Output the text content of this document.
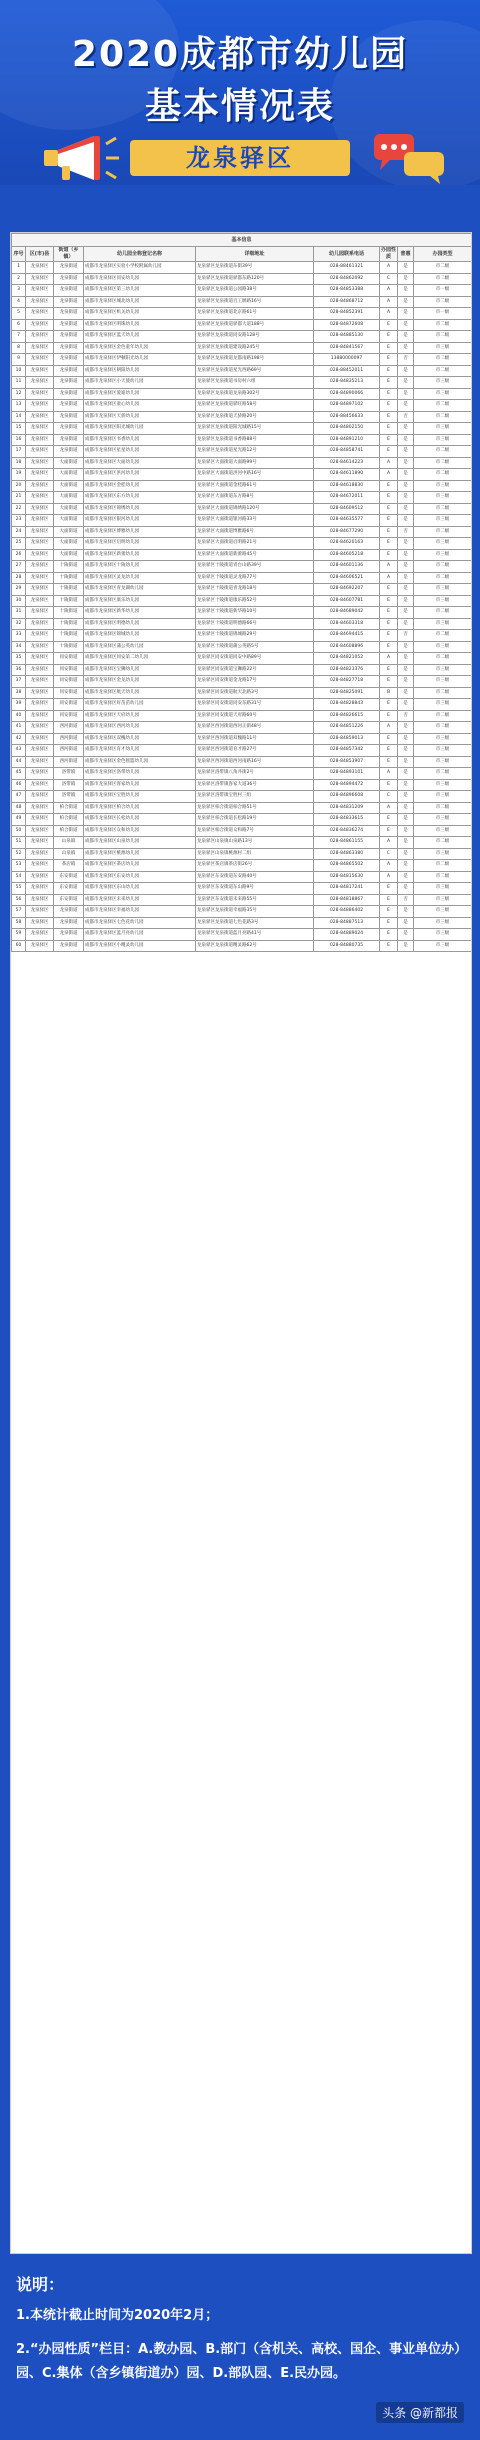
2020成都市幼儿园
基本情况表
龙泉驿区
基本信息								
序号	区(市)县	街道（乡镇）	幼儿园全称登记名称	详细地址	幼儿园联系电话	办园性质	普惠	办园类型
1	龙泉驿区	龙泉街道	成都市龙泉驿区实验小学校附属幼儿园	龙泉驿区龙泉街道东街39号	028-88461321	A	是	市二级
2	龙泉驿区	龙泉街道	成都市龙泉驿区同安幼儿园	龙泉驿区龙泉街道驿都东路120号	028-84862092	C	是	市二级
3	龙泉驿区	龙泉街道	成都市龙泉驿区第三幼儿园	龙泉驿区龙泉街道公园路38号	028-84853388	A	是	市一级
4	龙泉驿区	龙泉街道	成都市龙泉驿区城北幼儿园	龙泉驿区龙泉街道百工堰路16号	028-84868712	A	是	市二级
5	龙泉驿区	龙泉街道	成都市龙泉驿区机关幼儿园	龙泉驿区龙泉街道北京路61号	028-84852391	A	是	市一级
6	龙泉驿区	龙泉街道	成都市龙泉驿区明珠幼儿园	龙泉驿区龙泉街道驿都大道188号	028-84872608	E	是	市二级
7	龙泉驿区	龙泉街道	成都市龙泉驿区蓝天幼儿园	龙泉驿区龙泉街道同安路128号	028-84885130	E	是	市二级
8	龙泉驿区	龙泉街道	成都市龙泉驿区金色童年幼儿园	龙泉驿区龙泉街道建设路245号	028-84841567	E	是	市三级
9	龙泉驿区	龙泉街道	成都市龙泉驿区伊顿阳光幼儿园	龙泉驿区龙泉街道龙都南路198号	13880000097	E	否	市二级
10	龙泉驿区	龙泉街道	成都市龙泉驿区朝阳幼儿园	龙泉驿区龙泉街道星光西路69号	028-88452011	E	是	市二级
11	龙泉驿区	龙泉街道	成都市龙泉驿区小天使幼儿园	龙泉驿区龙泉街道书房村六组	028-84835213	E	是	市三级
12	龙泉驿区	龙泉街道	成都市龙泉驿区爱迪幼儿园	龙泉驿区龙泉街道龙泉路302号	028-84890066	E	是	市三级
13	龙泉驿区	龙泉街道	成都市龙泉驿区童心幼儿园	龙泉驿区龙泉街道驿旺路58号	028-84897102	E	是	市二级
14	龙泉驿区	龙泉街道	成都市龙泉驿区天骄幼儿园	龙泉驿区龙泉街道天骄路20号	028-88456633	E	否	市二级
15	龙泉驿区	龙泉街道	成都市龙泉驿区阳光城幼儿园	龙泉驿区龙泉街道阳光城路15号	028-84802150	E	是	市三级
16	龙泉驿区	龙泉街道	成都市龙泉驿区书香幼儿园	龙泉驿区龙泉街道书香路88号	028-84891210	E	是	市三级
17	龙泉驿区	龙泉街道	成都市龙泉驿区星星幼儿园	龙泉驿区龙泉街道星光路12号	028-84858741	E	是	市二级
18	龙泉驿区	大面街道	成都市龙泉驿区大面幼儿园	龙泉驿区大面街道大面路99号	028-84614223	A	是	市二级
19	龙泉驿区	大面街道	成都市龙泉驿区洪河幼儿园	龙泉驿区大面街道洪河中路16号	028-84611890	A	是	市二级
20	龙泉驿区	大面街道	成都市龙泉驿区金桂幼儿园	龙泉驿区大面街道金桂路61号	028-84618830	E	是	市三级
21	龙泉驿区	大面街道	成都市龙泉驿区东方幼儿园	龙泉驿区大面街道东方路8号	028-84672011	E	是	市三级
22	龙泉驿区	大面街道	成都市龙泉驿区锦绣幼儿园	龙泉驿区大面街道锦绣路120号	028-84609512	E	是	市二级
23	龙泉驿区	大面街道	成都市龙泉驿区银河幼儿园	龙泉驿区大面街道银河路33号	028-84635577	E	是	市三级
24	龙泉驿区	大面街道	成都市龙泉驿区博雅幼儿园	龙泉驿区大面街道博雅路6号	028-84677290	E	否	市二级
25	龙泉驿区	大面街道	成都市龙泉驿区启明幼儿园	龙泉驿区大面街道启明路21号	028-84620163	E	是	市三级
26	龙泉驿区	大面街道	成都市龙泉驿区新蕾幼儿园	龙泉驿区大面街道新蕾路45号	028-84605218	E	是	市三级
27	龙泉驿区	十陵街道	成都市龙泉驿区十陵幼儿园	龙泉驿区十陵街道青台山路39号	028-84601136	A	是	市二级
28	龙泉驿区	十陵街道	成都市龙泉驿区灵龙幼儿园	龙泉驿区十陵街道灵龙路77号	028-84606521	A	是	市二级
29	龙泉驿区	十陵街道	成都市龙泉驿区青龙湖幼儿园	龙泉驿区十陵街道青龙路18号	028-84692207	E	是	市三级
30	龙泉驿区	十陵街道	成都市龙泉驿区康乐幼儿园	龙泉驿区十陵街道康乐路52号	028-84607781	E	是	市三级
31	龙泉驿区	十陵街道	成都市龙泉驿区新华幼儿园	龙泉驿区十陵街道新华路10号	028-84689042	E	是	市二级
32	龙泉驿区	十陵街道	成都市龙泉驿区明德幼儿园	龙泉驿区十陵街道明德路66号	028-84603318	E	是	市三级
33	龙泉驿区	十陵街道	成都市龙泉驿区锦城幼儿园	龙泉驿区十陵街道锦城路29号	028-84694415	E	否	市二级
34	龙泉驿区	十陵街道	成都市龙泉驿区蒲公英幼儿园	龙泉驿区十陵街道蒲公英路5号	028-84608896	E	是	市三级
35	龙泉驿区	同安街道	成都市龙泉驿区同安第二幼儿园	龙泉驿区同安街道同安中路89号	028-84821052	A	是	市二级
36	龙泉驿区	同安街道	成都市龙泉驿区宝狮幼儿园	龙泉驿区同安街道宝狮路22号	028-84823376	E	是	市三级
37	龙泉驿区	同安街道	成都市龙泉驿区金龙幼儿园	龙泉驿区同安街道金龙路17号	028-84827718	E	是	市三级
38	龙泉驿区	同安街道	成都市龙泉驿区航天幼儿园	龙泉驿区同安街道航天北路3号	028-84825091	B	是	市二级
39	龙泉驿区	同安街道	成都市龙泉驿区好苗苗幼儿园	龙泉驿区同安街道同安东路31号	028-84828843	E	是	市三级
40	龙泉驿区	同安街道	成都市龙泉驿区天府幼儿园	龙泉驿区同安街道天府路60号	028-84826615	E	否	市二级
41	龙泉驿区	西河街道	成都市龙泉驿区西河幼儿园	龙泉驿区西河街道西河正街48号	028-84851226	A	是	市二级
42	龙泉驿区	西河街道	成都市龙泉驿区双槐幼儿园	龙泉驿区西河街道双槐路11号	028-84859013	E	是	市三级
43	龙泉驿区	西河街道	成都市龙泉驿区育才幼儿园	龙泉驿区西河街道育才路27号	028-84857342	E	是	市三级
44	龙泉驿区	西河街道	成都市龙泉驿区金色摇篮幼儿园	龙泉驿区西河街道西河南路16号	028-84853907	E	是	市三级
45	龙泉驿区	洛带镇	成都市龙泉驿区洛带幼儿园	龙泉驿区洛带镇八角井街2号	028-84893101	A	是	市二级
46	龙泉驿区	洛带镇	成都市龙泉驿区客家幼儿园	龙泉驿区洛带镇客家大道36号	028-84894472	E	是	市三级
47	龙泉驿区	洛带镇	成都市龙泉驿区宝胜幼儿园	龙泉驿区洛带镇宝胜村三组	028-84896608	C	是	市三级
48	龙泉驿区	柏合街道	成都市龙泉驿区柏合幼儿园	龙泉驿区柏合街道柏合路51号	028-84831209	A	是	市二级
49	龙泉驿区	柏合街道	成都市龙泉驿区长松幼儿园	龙泉驿区柏合街道长松路19号	028-84833615	E	是	市三级
50	龙泉驿区	柏合街道	成都市龙泉驿区众和幼儿园	龙泉驿区柏合街道众和路7号	028-84836274	E	是	市三级
51	龙泉驿区	山泉镇	成都市龙泉驿区山泉幼儿园	龙泉驿区山泉镇山泉路13号	028-84861155	A	是	市二级
52	龙泉驿区	山泉镇	成都市龙泉驿区桃源幼儿园	龙泉驿区山泉镇桃源村二组	028-84863380	C	是	市三级
53	龙泉驿区	茶店镇	成都市龙泉驿区茶店幼儿园	龙泉驿区茶店镇茶店街26号	028-84865502	A	是	市二级
54	龙泉驿区	东安街道	成都市龙泉驿区东安幼儿园	龙泉驿区东安街道东安路40号	028-84815630	A	是	市二级
55	龙泉驿区	东安街道	成都市龙泉驿区东山幼儿园	龙泉驿区东安街道东山路9号	028-84817241	E	是	市三级
56	龙泉驿区	东安街道	成都市龙泉驿区未来幼儿园	龙泉驿区东安街道未来路55号	028-84818867	E	否	市三级
57	龙泉驿区	龙泉街道	成都市龙泉驿区幸福幼儿园	龙泉驿区龙泉街道幸福路35号	028-84886402	E	是	市三级
58	龙泉驿区	龙泉街道	成都市龙泉驿区七色花幼儿园	龙泉驿区龙泉街道七色花路3号	028-84887513	E	是	市三级
59	龙泉驿区	龙泉街道	成都市龙泉驿区蓝月亮幼儿园	龙泉驿区龙泉街道蓝月亮路41号	028-84889024	E	是	市三级
60	龙泉驿区	龙泉街道	成都市龙泉驿区小精灵幼儿园	龙泉驿区龙泉街道精灵路62号	028-84880735	E	是	市三级
说明：
1.本统计截止时间为2020年2月；
2.“办园性质”栏目：A.教办园、B.部门（含机关、高校、国企、事业单位办）园、C.集体（含乡镇街道办）园、D.部队园、E.民办园。
头条 @新都报
